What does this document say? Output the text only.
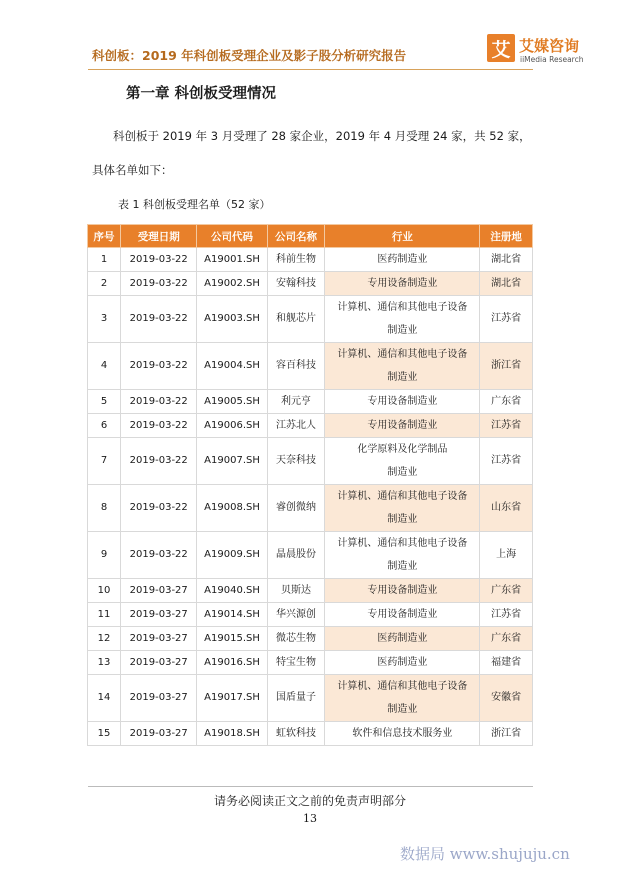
科创板：2019 年科创板受理企业及影子股分析研究报告	艾 艾媒咨询
iiMedia Research
第一章 科创板受理情况
科创板于 2019 年 3 月受理了 28 家企业，2019 年 4 月受理 24 家，共 52 家，
具体名单如下：
表 1 科创板受理名单（52 家）
序号	受理日期	公司代码	公司名称	行业	注册地
1	2019-03-22	A19001.SH	科前生物	医药制造业	湖北省
2	2019-03-22	A19002.SH	安翰科技	专用设备制造业	湖北省
3	2019-03-22	A19003.SH	和舰芯片	计算机、通信和其他电子设备
制造业	江苏省
4	2019-03-22	A19004.SH	容百科技	计算机、通信和其他电子设备
制造业	浙江省
5	2019-03-22	A19005.SH	利元亨	专用设备制造业	广东省
6	2019-03-22	A19006.SH	江苏北人	专用设备制造业	江苏省
7	2019-03-22	A19007.SH	天奈科技	化学原料及化学制品
制造业	江苏省
8	2019-03-22	A19008.SH	睿创微纳	计算机、通信和其他电子设备
制造业	山东省
9	2019-03-22	A19009.SH	晶晨股份	计算机、通信和其他电子设备
制造业	上海
10	2019-03-27	A19040.SH	贝斯达	专用设备制造业	广东省
11	2019-03-27	A19014.SH	华兴源创	专用设备制造业	江苏省
12	2019-03-27	A19015.SH	微芯生物	医药制造业	广东省
13	2019-03-27	A19016.SH	特宝生物	医药制造业	福建省
14	2019-03-27	A19017.SH	国盾量子	计算机、通信和其他电子设备
制造业	安徽省
15	2019-03-27	A19018.SH	虹软科技	软件和信息技术服务业	浙江省
请务必阅读正文之前的免责声明部分
13
数据局 www.shujuju.cn
